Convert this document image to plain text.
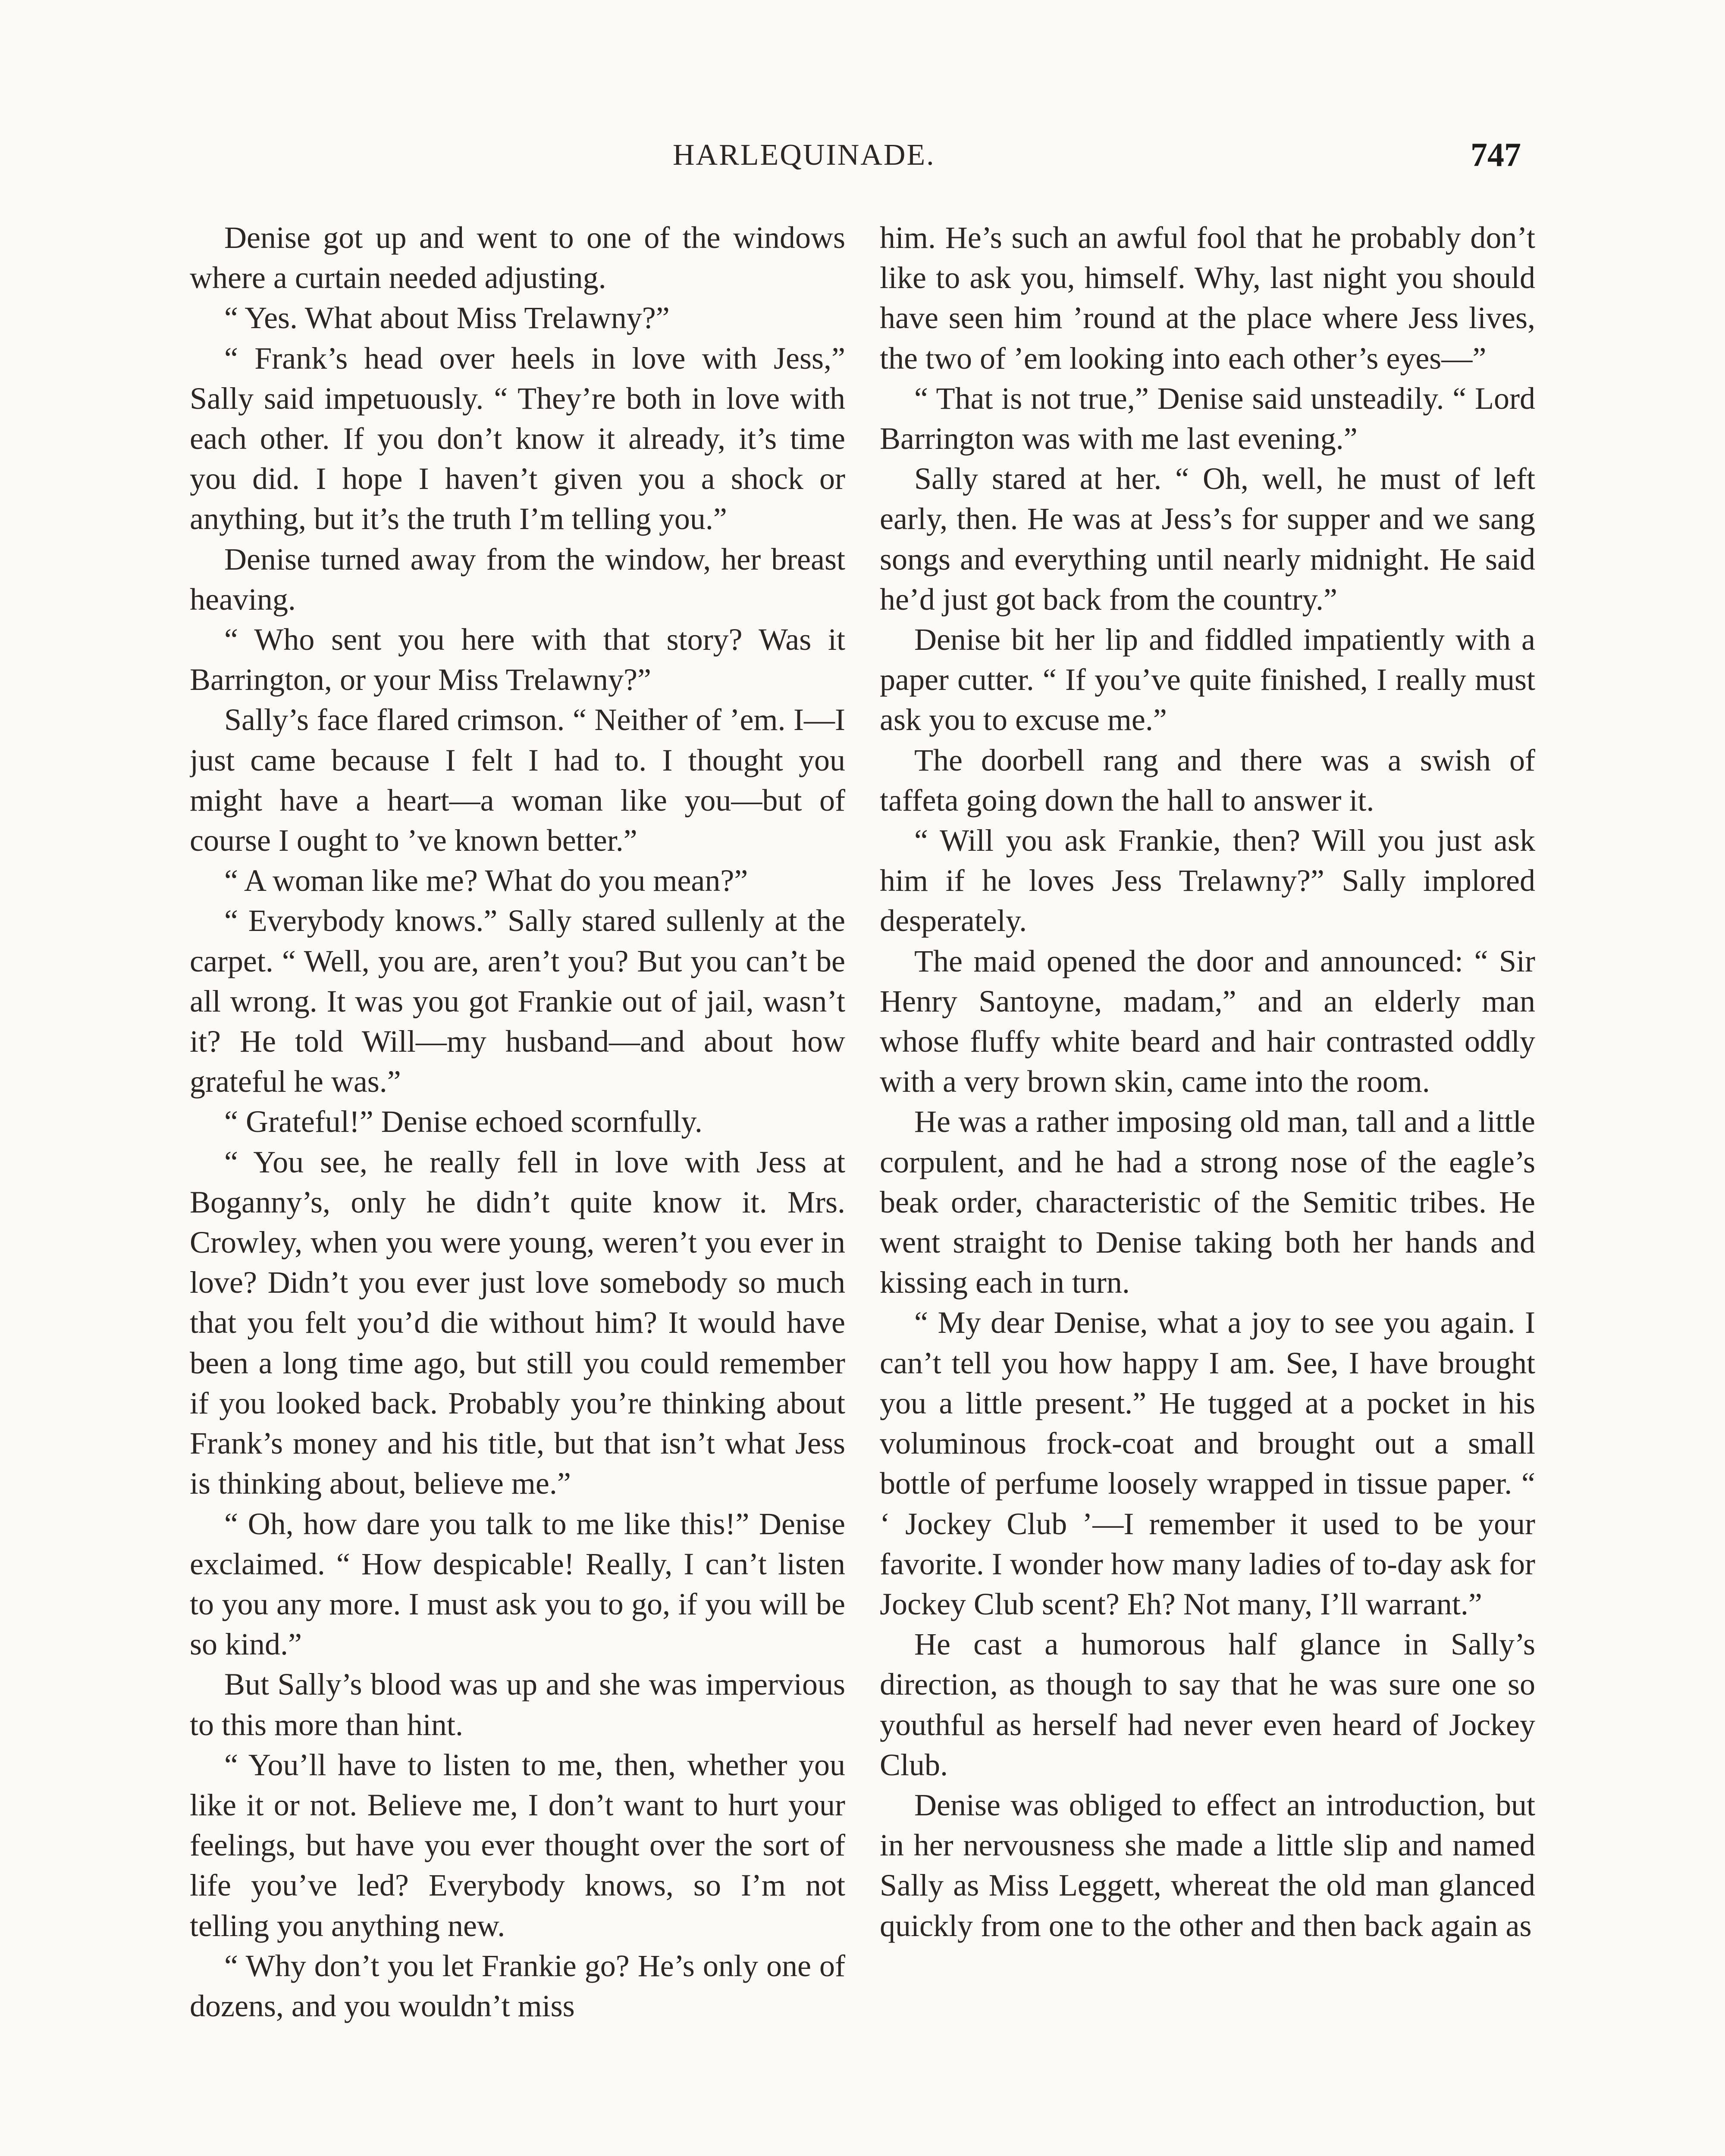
HARLEQUINADE.	747

Denise got up and went to one of the windows where a curtain needed adjusting.

“ Yes. What about Miss Trelawny?”

“ Frank’s head over heels in love with Jess,” Sally said impetuously. “ They’re both in love with each other. If you don’t know it already, it’s time you did. I hope I haven’t given you a shock or anything, but it’s the truth I’m telling you.”

Denise turned away from the window, her breast heaving.

“ Who sent you here with that story? Was it Barrington, or your Miss Trelawny?”

Sally’s face flared crimson. “ Neither of ’em. I—I just came because I felt I had to. I thought you might have a heart—a woman like you—but of course I ought to ’ve known better.”

“ A woman like me? What do you mean?”

“ Everybody knows.” Sally stared sullenly at the carpet. “ Well, you are, aren’t you? But you can’t be all wrong. It was you got Frankie out of jail, wasn’t it? He told Will—my husband—and about how grateful he was.”

“ Grateful!” Denise echoed scornfully.

“ You see, he really fell in love with Jess at Boganny’s, only he didn’t quite know it. Mrs. Crowley, when you were young, weren’t you ever in love? Didn’t you ever just love somebody so much that you felt you’d die without him? It would have been a long time ago, but still you could remember if you looked back. Probably you’re thinking about Frank’s money and his title, but that isn’t what Jess is thinking about, believe me.”

“ Oh, how dare you talk to me like this!” Denise exclaimed. “ How despicable! Really, I can’t listen to you any more. I must ask you to go, if you will be so kind.”

But Sally’s blood was up and she was impervious to this more than hint.

“ You’ll have to listen to me, then, whether you like it or not. Believe me, I don’t want to hurt your feelings, but have you ever thought over the sort of life you’ve led? Everybody knows, so I’m not telling you anything new.

“ Why don’t you let Frankie go? He’s only one of dozens, and you wouldn’t miss

him. He’s such an awful fool that he probably don’t like to ask you, himself. Why, last night you should have seen him ’round at the place where Jess lives, the two of ’em looking into each other’s eyes—”

“ That is not true,” Denise said unsteadily. “ Lord Barrington was with me last evening.”

Sally stared at her. “ Oh, well, he must of left early, then. He was at Jess’s for supper and we sang songs and everything until nearly midnight. He said he’d just got back from the country.”

Denise bit her lip and fiddled impatiently with a paper cutter. “ If you’ve quite finished, I really must ask you to excuse me.”

The doorbell rang and there was a swish of taffeta going down the hall to answer it.

“ Will you ask Frankie, then? Will you just ask him if he loves Jess Trelawny?” Sally implored desperately.

The maid opened the door and announced: “ Sir Henry Santoyne, madam,” and an elderly man whose fluffy white beard and hair contrasted oddly with a very brown skin, came into the room.

He was a rather imposing old man, tall and a little corpulent, and he had a strong nose of the eagle’s beak order, characteristic of the Semitic tribes. He went straight to Denise taking both her hands and kissing each in turn.

“ My dear Denise, what a joy to see you again. I can’t tell you how happy I am. See, I have brought you a little present.” He tugged at a pocket in his voluminous frock-coat and brought out a small bottle of perfume loosely wrapped in tissue paper. “ ‘ Jockey Club ’—I remember it used to be your favorite. I wonder how many ladies of to-day ask for Jockey Club scent? Eh? Not many, I’ll warrant.”

He cast a humorous half glance in Sally’s direction, as though to say that he was sure one so youthful as herself had never even heard of Jockey Club.

Denise was obliged to effect an introduction, but in her nervousness she made a little slip and named Sally as Miss Leggett, whereat the old man glanced quickly from one to the other and then back again as
